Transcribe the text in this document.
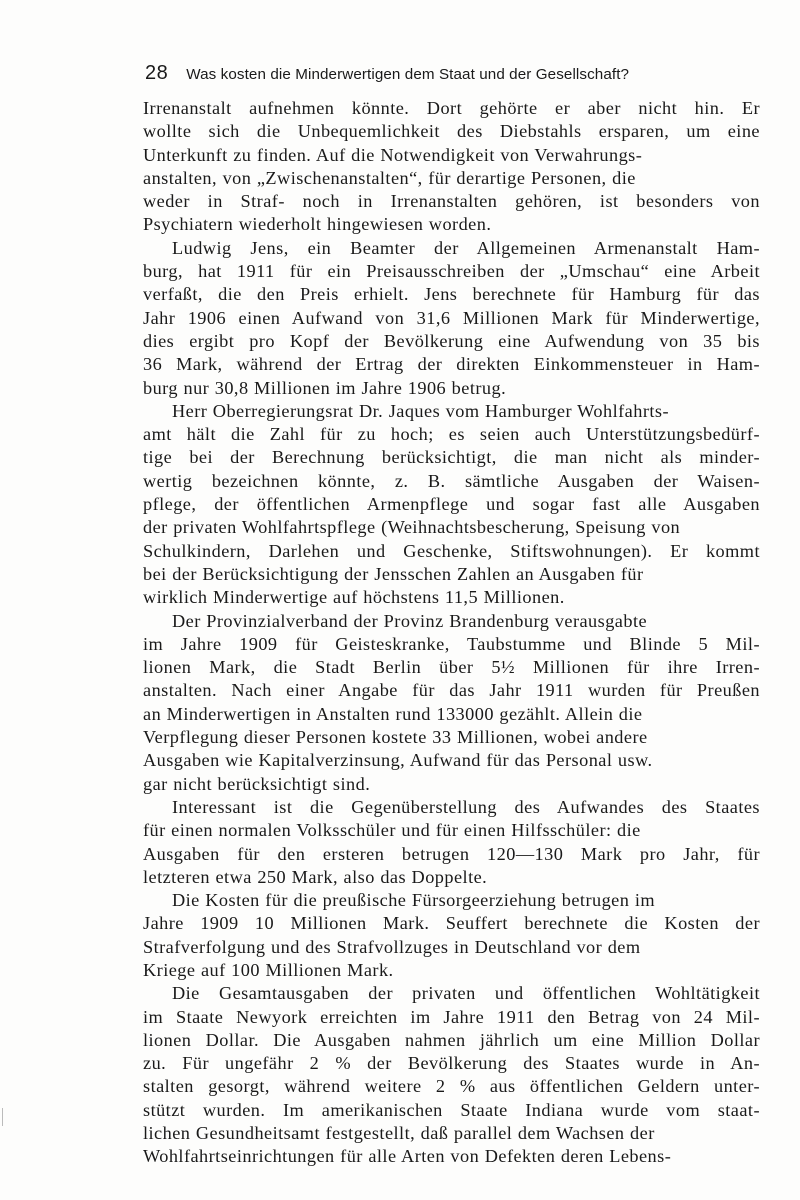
28 Was kosten die Minderwertigen dem Staat und der Gesellschaft?
Irrenanstalt aufnehmen könnte. Dort gehörte er aber nicht hin. Er
wollte sich die Unbequemlichkeit des Diebstahls ersparen, um eine
Unterkunft zu finden. Auf die Notwendigkeit von Verwahrungs-
anstalten, von „Zwischenanstalten“, für derartige Personen, die
weder in Straf- noch in Irrenanstalten gehören, ist besonders von
Psychiatern wiederholt hingewiesen worden.
Ludwig Jens, ein Beamter der Allgemeinen Armenanstalt Ham-
burg, hat 1911 für ein Preisausschreiben der „Umschau“ eine Arbeit
verfaßt, die den Preis erhielt. Jens berechnete für Hamburg für das
Jahr 1906 einen Aufwand von 31,6 Millionen Mark für Minderwertige,
dies ergibt pro Kopf der Bevölkerung eine Aufwendung von 35 bis
36 Mark, während der Ertrag der direkten Einkommensteuer in Ham-
burg nur 30,8 Millionen im Jahre 1906 betrug.
Herr Oberregierungsrat Dr. Jaques vom Hamburger Wohlfahrts-
amt hält die Zahl für zu hoch; es seien auch Unterstützungsbedürf-
tige bei der Berechnung berücksichtigt, die man nicht als minder-
wertig bezeichnen könnte, z. B. sämtliche Ausgaben der Waisen-
pflege, der öffentlichen Armenpflege und sogar fast alle Ausgaben
der privaten Wohlfahrtspflege (Weihnachtsbescherung, Speisung von
Schulkindern, Darlehen und Geschenke, Stiftswohnungen). Er kommt
bei der Berücksichtigung der Jensschen Zahlen an Ausgaben für
wirklich Minderwertige auf höchstens 11,5 Millionen.
Der Provinzialverband der Provinz Brandenburg verausgabte
im Jahre 1909 für Geisteskranke, Taubstumme und Blinde 5 Mil-
lionen Mark, die Stadt Berlin über 5½ Millionen für ihre Irren-
anstalten. Nach einer Angabe für das Jahr 1911 wurden für Preußen
an Minderwertigen in Anstalten rund 133000 gezählt. Allein die
Verpflegung dieser Personen kostete 33 Millionen, wobei andere
Ausgaben wie Kapitalverzinsung, Aufwand für das Personal usw.
gar nicht berücksichtigt sind.
Interessant ist die Gegenüberstellung des Aufwandes des Staates
für einen normalen Volksschüler und für einen Hilfsschüler: die
Ausgaben für den ersteren betrugen 120—130 Mark pro Jahr, für
letzteren etwa 250 Mark, also das Doppelte.
Die Kosten für die preußische Fürsorgeerziehung betrugen im
Jahre 1909 10 Millionen Mark. Seuffert berechnete die Kosten der
Strafverfolgung und des Strafvollzuges in Deutschland vor dem
Kriege auf 100 Millionen Mark.
Die Gesamtausgaben der privaten und öffentlichen Wohltätigkeit
im Staate Newyork erreichten im Jahre 1911 den Betrag von 24 Mil-
lionen Dollar. Die Ausgaben nahmen jährlich um eine Million Dollar
zu. Für ungefähr 2 % der Bevölkerung des Staates wurde in An-
stalten gesorgt, während weitere 2 % aus öffentlichen Geldern unter-
stützt wurden. Im amerikanischen Staate Indiana wurde vom staat-
lichen Gesundheitsamt festgestellt, daß parallel dem Wachsen der
Wohlfahrtseinrichtungen für alle Arten von Defekten deren Lebens-
